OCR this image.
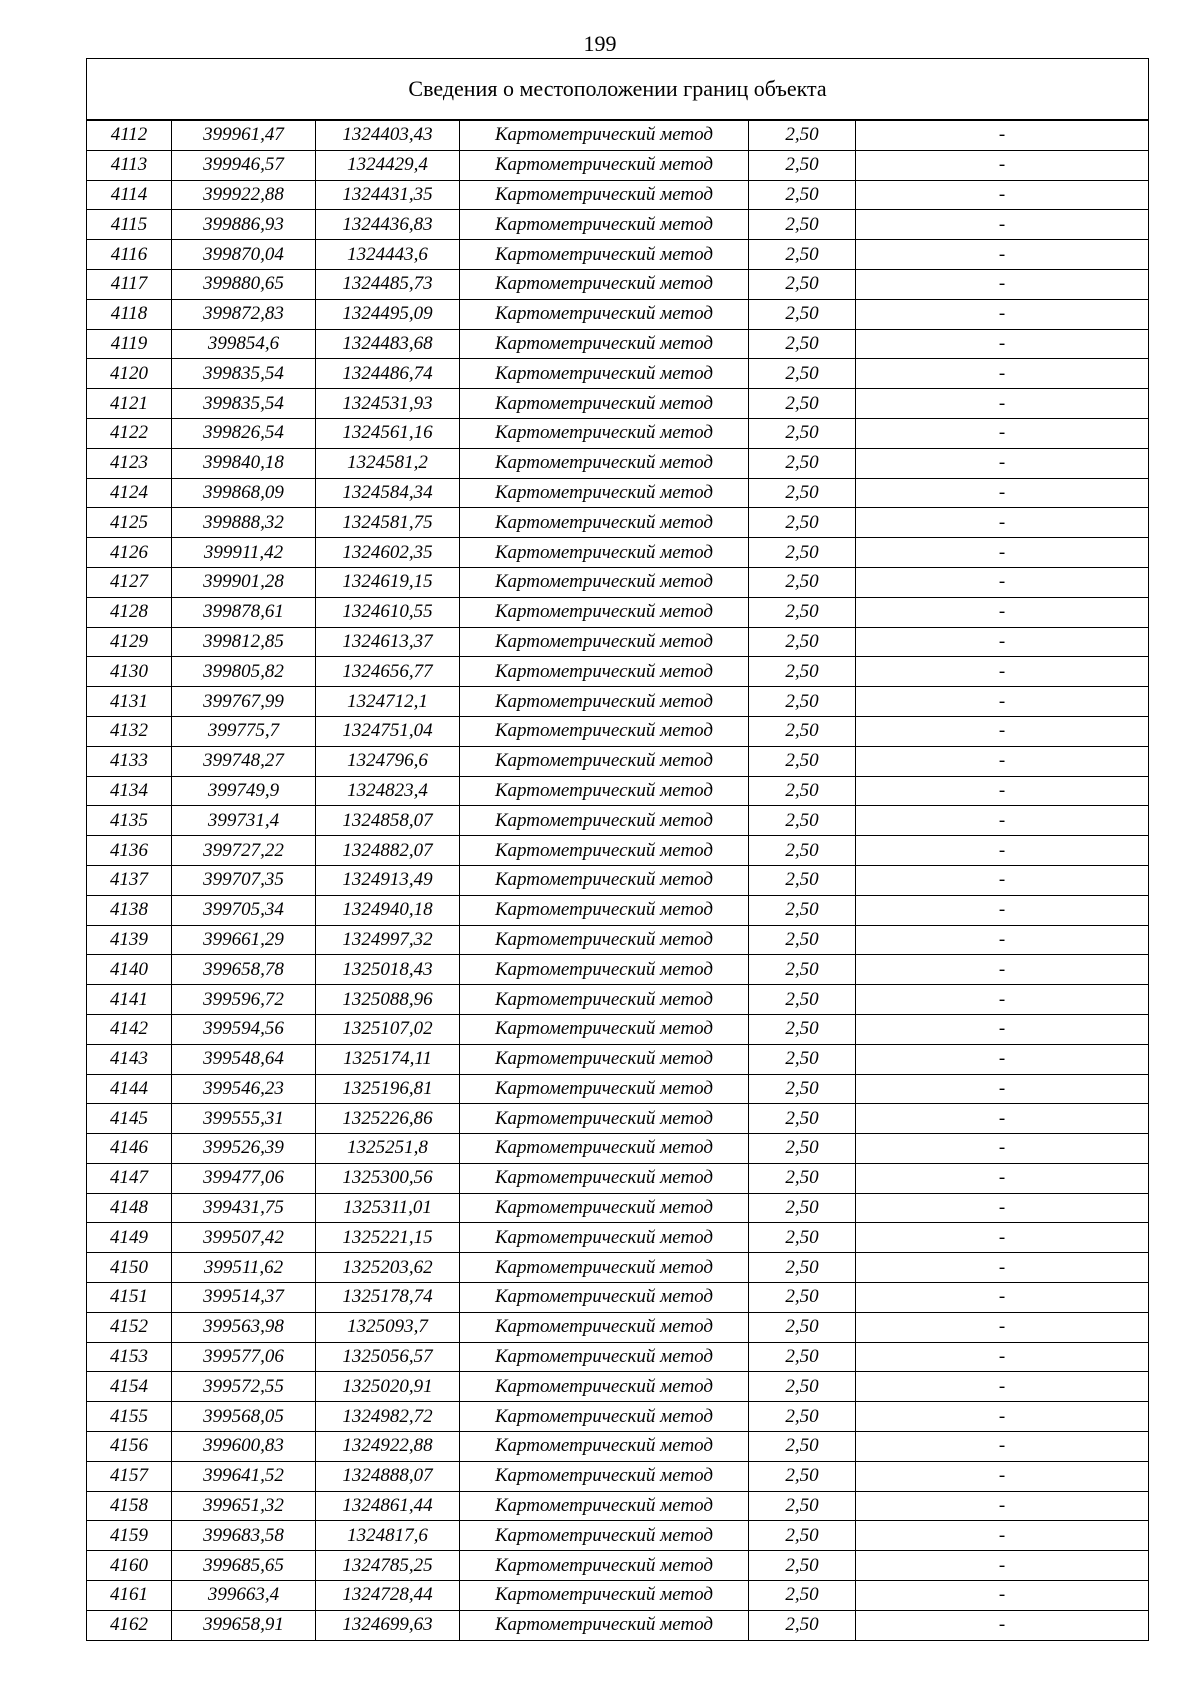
199
Сведения о местоположении границ объекта					
4112	399961,47	1324403,43	Картометрический метод	2,50	-
4113	399946,57	1324429,4	Картометрический метод	2,50	-
4114	399922,88	1324431,35	Картометрический метод	2,50	-
4115	399886,93	1324436,83	Картометрический метод	2,50	-
4116	399870,04	1324443,6	Картометрический метод	2,50	-
4117	399880,65	1324485,73	Картометрический метод	2,50	-
4118	399872,83	1324495,09	Картометрический метод	2,50	-
4119	399854,6	1324483,68	Картометрический метод	2,50	-
4120	399835,54	1324486,74	Картометрический метод	2,50	-
4121	399835,54	1324531,93	Картометрический метод	2,50	-
4122	399826,54	1324561,16	Картометрический метод	2,50	-
4123	399840,18	1324581,2	Картометрический метод	2,50	-
4124	399868,09	1324584,34	Картометрический метод	2,50	-
4125	399888,32	1324581,75	Картометрический метод	2,50	-
4126	399911,42	1324602,35	Картометрический метод	2,50	-
4127	399901,28	1324619,15	Картометрический метод	2,50	-
4128	399878,61	1324610,55	Картометрический метод	2,50	-
4129	399812,85	1324613,37	Картометрический метод	2,50	-
4130	399805,82	1324656,77	Картометрический метод	2,50	-
4131	399767,99	1324712,1	Картометрический метод	2,50	-
4132	399775,7	1324751,04	Картометрический метод	2,50	-
4133	399748,27	1324796,6	Картометрический метод	2,50	-
4134	399749,9	1324823,4	Картометрический метод	2,50	-
4135	399731,4	1324858,07	Картометрический метод	2,50	-
4136	399727,22	1324882,07	Картометрический метод	2,50	-
4137	399707,35	1324913,49	Картометрический метод	2,50	-
4138	399705,34	1324940,18	Картометрический метод	2,50	-
4139	399661,29	1324997,32	Картометрический метод	2,50	-
4140	399658,78	1325018,43	Картометрический метод	2,50	-
4141	399596,72	1325088,96	Картометрический метод	2,50	-
4142	399594,56	1325107,02	Картометрический метод	2,50	-
4143	399548,64	1325174,11	Картометрический метод	2,50	-
4144	399546,23	1325196,81	Картометрический метод	2,50	-
4145	399555,31	1325226,86	Картометрический метод	2,50	-
4146	399526,39	1325251,8	Картометрический метод	2,50	-
4147	399477,06	1325300,56	Картометрический метод	2,50	-
4148	399431,75	1325311,01	Картометрический метод	2,50	-
4149	399507,42	1325221,15	Картометрический метод	2,50	-
4150	399511,62	1325203,62	Картометрический метод	2,50	-
4151	399514,37	1325178,74	Картометрический метод	2,50	-
4152	399563,98	1325093,7	Картометрический метод	2,50	-
4153	399577,06	1325056,57	Картометрический метод	2,50	-
4154	399572,55	1325020,91	Картометрический метод	2,50	-
4155	399568,05	1324982,72	Картометрический метод	2,50	-
4156	399600,83	1324922,88	Картометрический метод	2,50	-
4157	399641,52	1324888,07	Картометрический метод	2,50	-
4158	399651,32	1324861,44	Картометрический метод	2,50	-
4159	399683,58	1324817,6	Картометрический метод	2,50	-
4160	399685,65	1324785,25	Картометрический метод	2,50	-
4161	399663,4	1324728,44	Картометрический метод	2,50	-
4162	399658,91	1324699,63	Картометрический метод	2,50	-
